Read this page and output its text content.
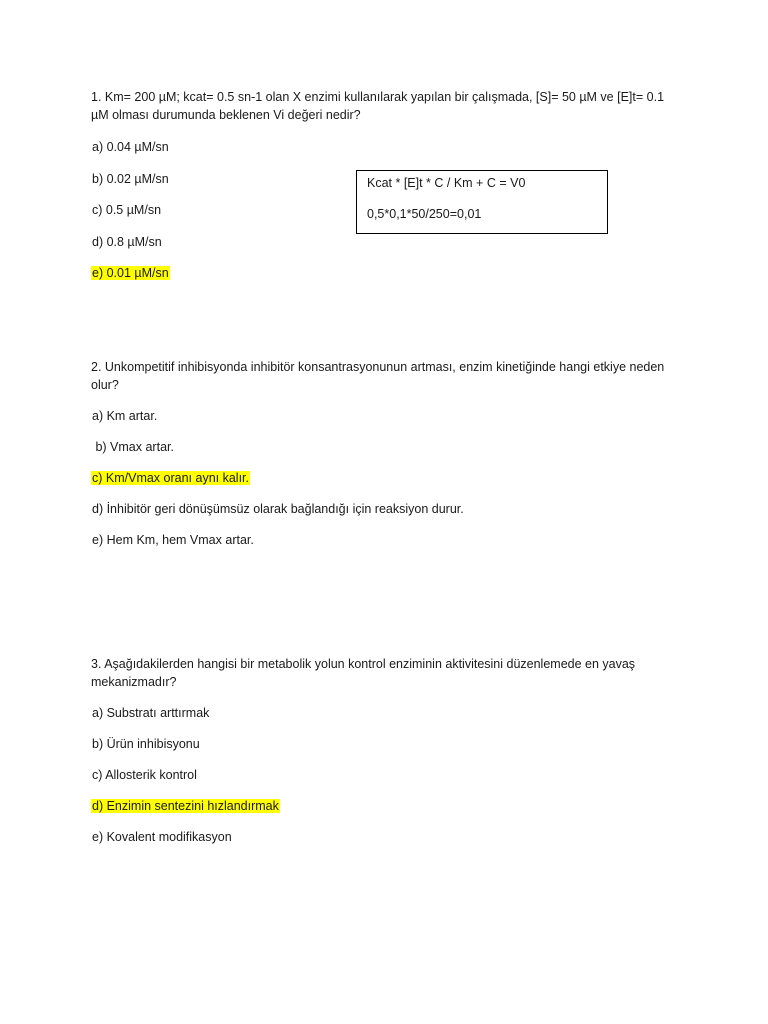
1. Km= 200 µM; kcat= 0.5 sn-1 olan X enzimi kullanılarak yapılan bir çalışmada, [S]= 50 µM ve [E]t= 0.1 µM olması durumunda beklenen Vi değeri nedir?

a) 0.04 µM/sn
b) 0.02 µM/sn
c) 0.5 µM/sn
d) 0.8 µM/sn
e) 0.01 µM/sn
Kcat * [E]t * C / Km + C = V0
0,5*0,1*50/250=0,01

2. Unkompetitif inhibisyonda inhibitör konsantrasyonunun artması, enzim kinetiğinde hangi etkiye neden olur?

a) Km artar.
b) Vmax artar.
c) Km/Vmax oranı aynı kalır.
d) İnhibitör geri dönüşümsüz olarak bağlandığı için reaksiyon durur.
e) Hem Km, hem Vmax artar.

3. Aşağıdakilerden hangisi bir metabolik yolun kontrol enziminin aktivitesini düzenlemede en yavaş mekanizmadır?

a) Substratı arttırmak
b) Ürün inhibisyonu
c) Allosterik kontrol
d) Enzimin sentezini hızlandırmak
e) Kovalent modifikasyon
